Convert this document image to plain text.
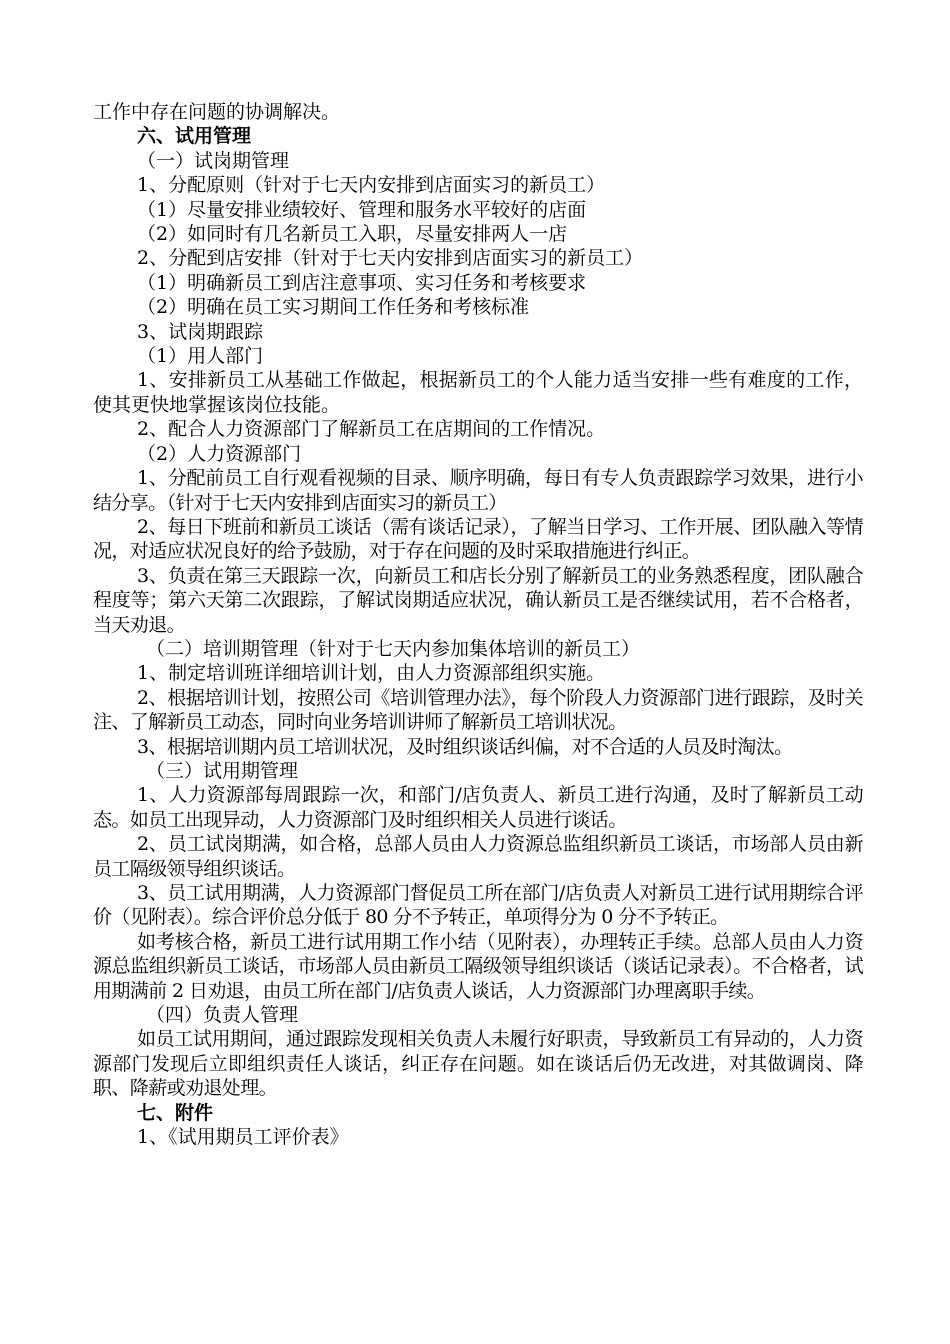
工作中存在问题的协调解决。

六、试用管理

（一）试岗期管理

1、分配原则（针对于七天内安排到店面实习的新员工）

（1）尽量安排业绩较好、管理和服务水平较好的店面

（2）如同时有几名新员工入职，尽量安排两人一店

2、分配到店安排（针对于七天内安排到店面实习的新员工）

（1）明确新员工到店注意事项、实习任务和考核要求

（2）明确在员工实习期间工作任务和考核标准

3、试岗期跟踪

（1）用人部门

1、安排新员工从基础工作做起，根据新员工的个人能力适当安排一些有难度的工作，使其更快地掌握该岗位技能。

2、配合人力资源部门了解新员工在店期间的工作情况。

（2）人力资源部门

1、分配前员工自行观看视频的目录、顺序明确，每日有专人负责跟踪学习效果，进行小结分享。（针对于七天内安排到店面实习的新员工）

2、每日下班前和新员工谈话（需有谈话记录），了解当日学习、工作开展、团队融入等情况，对适应状况良好的给予鼓励，对于存在问题的及时采取措施进行纠正。

3、负责在第三天跟踪一次，向新员工和店长分别了解新员工的业务熟悉程度，团队融合程度等；第六天第二次跟踪，了解试岗期适应状况，确认新员工是否继续试用，若不合格者，当天劝退。

（二）培训期管理（针对于七天内参加集体培训的新员工）

1、制定培训班详细培训计划，由人力资源部组织实施。

2、根据培训计划，按照公司《培训管理办法》，每个阶段人力资源部门进行跟踪，及时关注、了解新员工动态，同时向业务培训讲师了解新员工培训状况。

3、根据培训期内员工培训状况，及时组织谈话纠偏，对不合适的人员及时淘汰。

（三）试用期管理

1、人力资源部每周跟踪一次，和部门/店负责人、新员工进行沟通，及时了解新员工动态。如员工出现异动，人力资源部门及时组织相关人员进行谈话。

2、员工试岗期满，如合格，总部人员由人力资源总监组织新员工谈话，市场部人员由新员工隔级领导组织谈话。

3、员工试用期满，人力资源部门督促员工所在部门/店负责人对新员工进行试用期综合评价（见附表）。综合评价总分低于 80 分不予转正，单项得分为 0 分不予转正。

如考核合格，新员工进行试用期工作小结（见附表），办理转正手续。总部人员由人力资源总监组织新员工谈话，市场部人员由新员工隔级领导组织谈话（谈话记录表）。不合格者，试用期满前 2 日劝退，由员工所在部门/店负责人谈话，人力资源部门办理离职手续。

（四）负责人管理

如员工试用期间，通过跟踪发现相关负责人未履行好职责，导致新员工有异动的，人力资源部门发现后立即组织责任人谈话，纠正存在问题。如在谈话后仍无改进，对其做调岗、降职、降薪或劝退处理。

七、附件

1、《试用期员工评价表》
